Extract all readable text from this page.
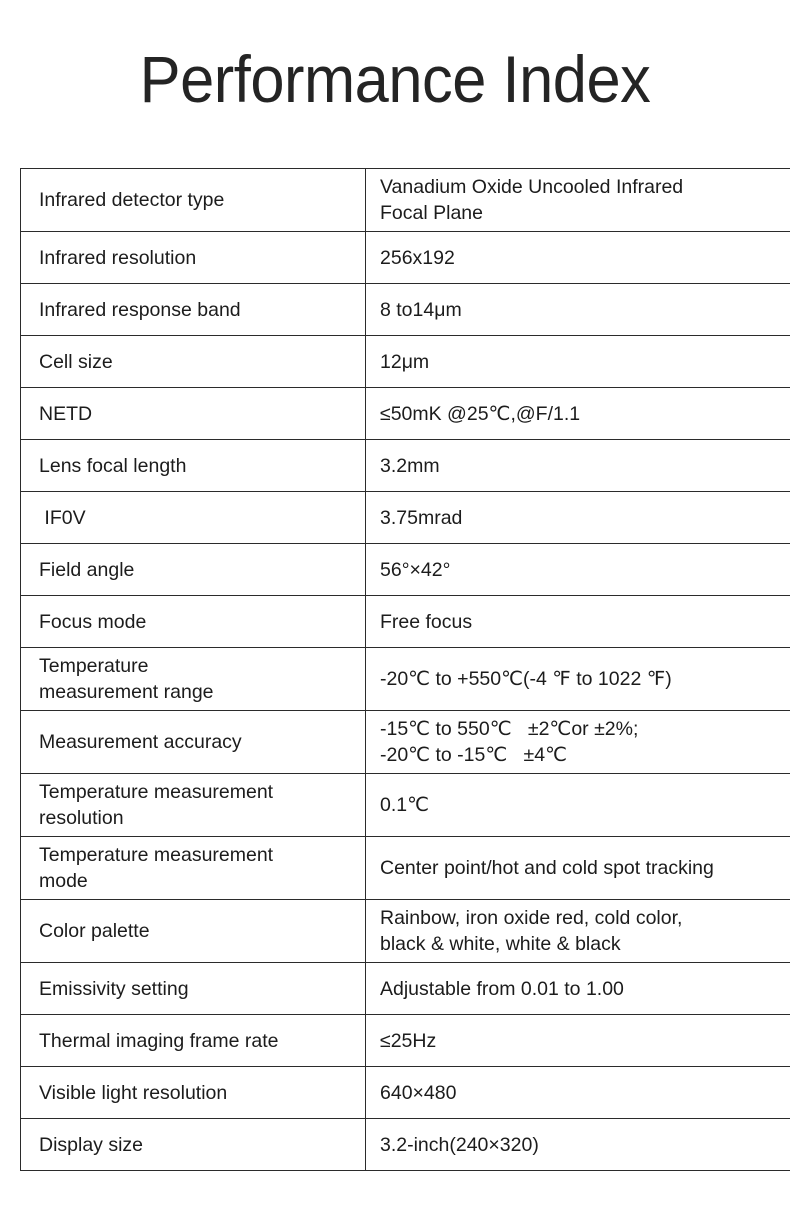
Performance Index
Infrared detector type	Vanadium Oxide Uncooled Infrared
Focal Plane

Infrared resolution	256x192

Infrared response band	8 to14μm

Cell size	12μm

NETD	≤50mK @25℃,@F/1.1

Lens focal length	3.2mm

IF0V	3.75mrad

Field angle	56°×42°

Focus mode	Free focus

Temperature
measurement range	-20℃ to +550℃(-4 ℉ to 1022 ℉)

Measurement accuracy	-15℃ to 550℃   ±2℃or ±2%;
-20℃ to -15℃   ±4℃

Temperature measurement
resolution	0.1℃

Temperature measurement
mode	Center point/hot and cold spot tracking

Color palette	Rainbow, iron oxide red, cold color,
black & white, white & black

Emissivity setting	Adjustable from 0.01 to 1.00

Thermal imaging frame rate	≤25Hz

Visible light resolution	640×480

Display size	3.2-inch(240×320)
